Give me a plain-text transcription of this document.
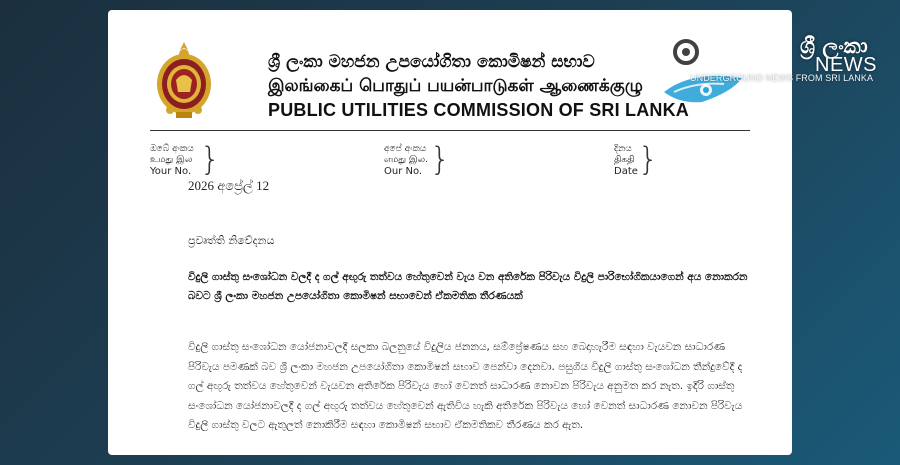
ශ්‍රී ලංකා මහජන උපයෝගිතා කොමිෂන් සභාව
இலங்கைப் பொதுப் பயன்பாடுகள் ஆணைக்குழு
PUBLIC UTILITIES COMMISSION OF SRI LANKA
ඔබේ අංකය
உமது இல
Your No. }	අපේ අංකය
எமது இல.
Our No. }	දිනය
திகதி
Date }
2026 අප්‍රේල් 12
ප්‍රවෘත්ති නිවේදනය
විදුලි ගාස්තු සංශෝධන වලදී ද ගල් අඟුරු තත්වය හේතුවෙන් වැය වන අතිරේක පිරිවැය විදුලි පාරිභෝගිකයාගෙන් අය නොකරන බවට ශ්‍රී ලංකා මහජන උපයෝගිතා කොමිෂන් සභාවෙන් ඒකමතික තීරණයක්
විදුලි ගාස්තු සංශෝධන යෝජනාවලදී සලකා බලනුයේ විදුලිය ජනනය, සම්ප්‍රේෂණය සහ බෙදාහැරීම සඳහා වැයවන සාධාරණ පිරිවැය පමණක් බව ශ්‍රී ලංකා මහජන උපයෝගිතා කොමිෂන් සභාව පෙන්වා දෙනවා. පසුගිය විදුලි ගාස්තු සංශෝධන තීන්දුවේදී ද ගල් අඟුරු තත්වය හේතුවෙන් වැයවන අතිරේක පිරිවැය හෝ වෙනත් සාධාරණ නොවන පිරිවැය අනුමත කර නැත. ඉදිරි ගාස්තු සංශෝධන යෝජනාවලදී ද ගල් අඟුරු තත්වය හේතුවෙන් ඇතිවිය හැකි අතිරේක පිරිවැය හෝ වෙනත් සාධාරණ නොවන පිරිවැය විදුලි ගාස්තු වලට ඇතුලත් නොකිරීම සඳහා කොමිෂන් සභාව ඒකමතිකව තීරණය කර ඇත.
ශ්‍රී ලංකා
NEWS
UNDERGROUND NEWS FROM SRI LANKA
